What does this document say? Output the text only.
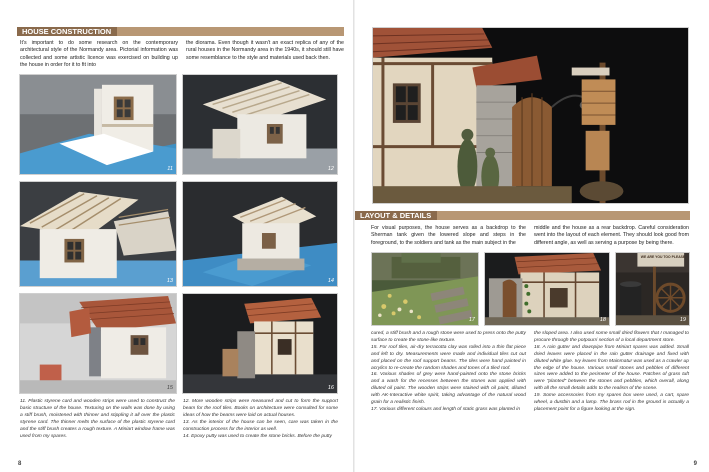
HOUSE CONSTRUCTION
It's important to do some research on the contemporary architectural style of the Normandy area. Pictorial information was collected and some artistic licence was exercised on building up the house in order for it to fit into
the diorama. Even though it wasn't an exact replica of any of the rural houses in the Normandy area in the 1940s, it should still have some resemblance to the style and materials used back then.
11	12
13	14
15	16
11. Plastic styrene card and wooden strips were used to construct the basic structure of the house. Texturing on the walls was done by using a stiff brush, moistened with thinner and stippling it all over the plastic styrene card. The thinner melts the surface of the plastic styrene card and the stiff brush creates a rough texture. A Miniart window frame was used from my spares.
12. More wooden strips were measured and cut to form the support beam for the roof tiles. Books on architecture were consulted for some ideas of how the beams were laid on actual houses.
13. As the interior of the house can be seen, care was taken in the construction process for the interior as well.
14. Epoxy putty was used to create the stone bricks. Before the putty
8
LAYOUT & DETAILS
For visual purposes, the house serves as a backdrop to the Sherman tank given the lowered slope and steps in the foreground, to the soldiers and tank as the main subject in the
middle and the house as a rear backdrop. Careful consideration went into the layout of each element. They should look good from different angle, as well as serving a purpose by being there.
17	18
WE ARE YOU TOO PLEASE
19
cured, a stiff brush and a rough stone were used to press onto the putty surface to create the stone-like texture.
15. For roof tiles, air-dry terracotta clay was rolled into a thin flat piece and left to dry. Measurements were made and individual tiles cut out and placed on the roof support beams. The tiles were hand painted in acrylics to re-create the random shades and tones of a tiled roof.
16. Various shades of grey were hand-painted onto the stone bricks and a wash for the recesses between the stones was applied with diluted oil paint. The wooden strips were stained with oil paint, diluted with AK-Interactive white spirit, taking advantage of the natural wood grain for a realistic finish.
17. Various different colours and length of static grass was planted in
the sloped area. I also used some small dried flowers that I managed to procure through the potpourri section of a local department store.
18. A rain gutter and downpipe from Miniart spares was added. Small dried leaves were placed in the rain gutter drainage and fixed with diluted white glue. Ivy leaves from Mainmatur was used as a crawler up the edge of the house. Various small stones and pebbles of different sizes were added to the perimeter of the house. Patches of grass tuft were "planted" between the stones and pebbles, which overall, along with all the small details adds to the realism of the scene.
19. Some accessories from my spares box were used, a cart, spare wheel, a dustbin and a lamp. The brass rod in the ground is actually a placement point for a figure looking at the sign.
9
